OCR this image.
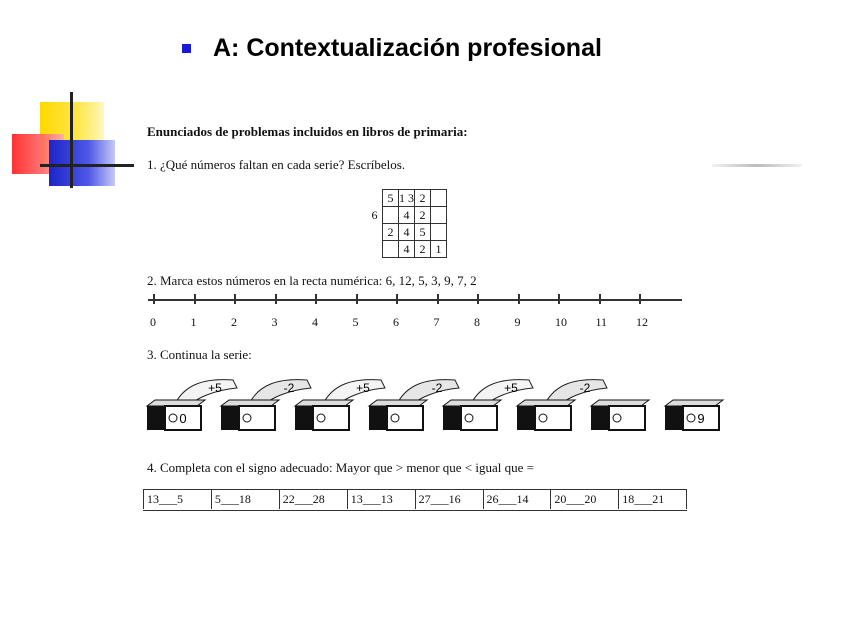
A: Contextualización profesional
Enunciados de problemas incluidos en libros de primaria:
1. ¿Qué números faltan en cada serie? Escríbelos.
	5	1 3	2	
6		4	2	
	2	4	5	
		4	2	1
2. Marca estos números en la recta numérica: 6, 12, 5, 3, 9, 7, 2
0	1	2	3	4	5	6	7	8	9	10 11 12
3. Continua la serie:
+5	-2	+5	-2	+5	-2
0	9
4. Completa con el signo adecuado: Mayor que > menor que < igual que =
13___5	5___18	22___28	13___13	27___16	26___14	20___20	18___21
